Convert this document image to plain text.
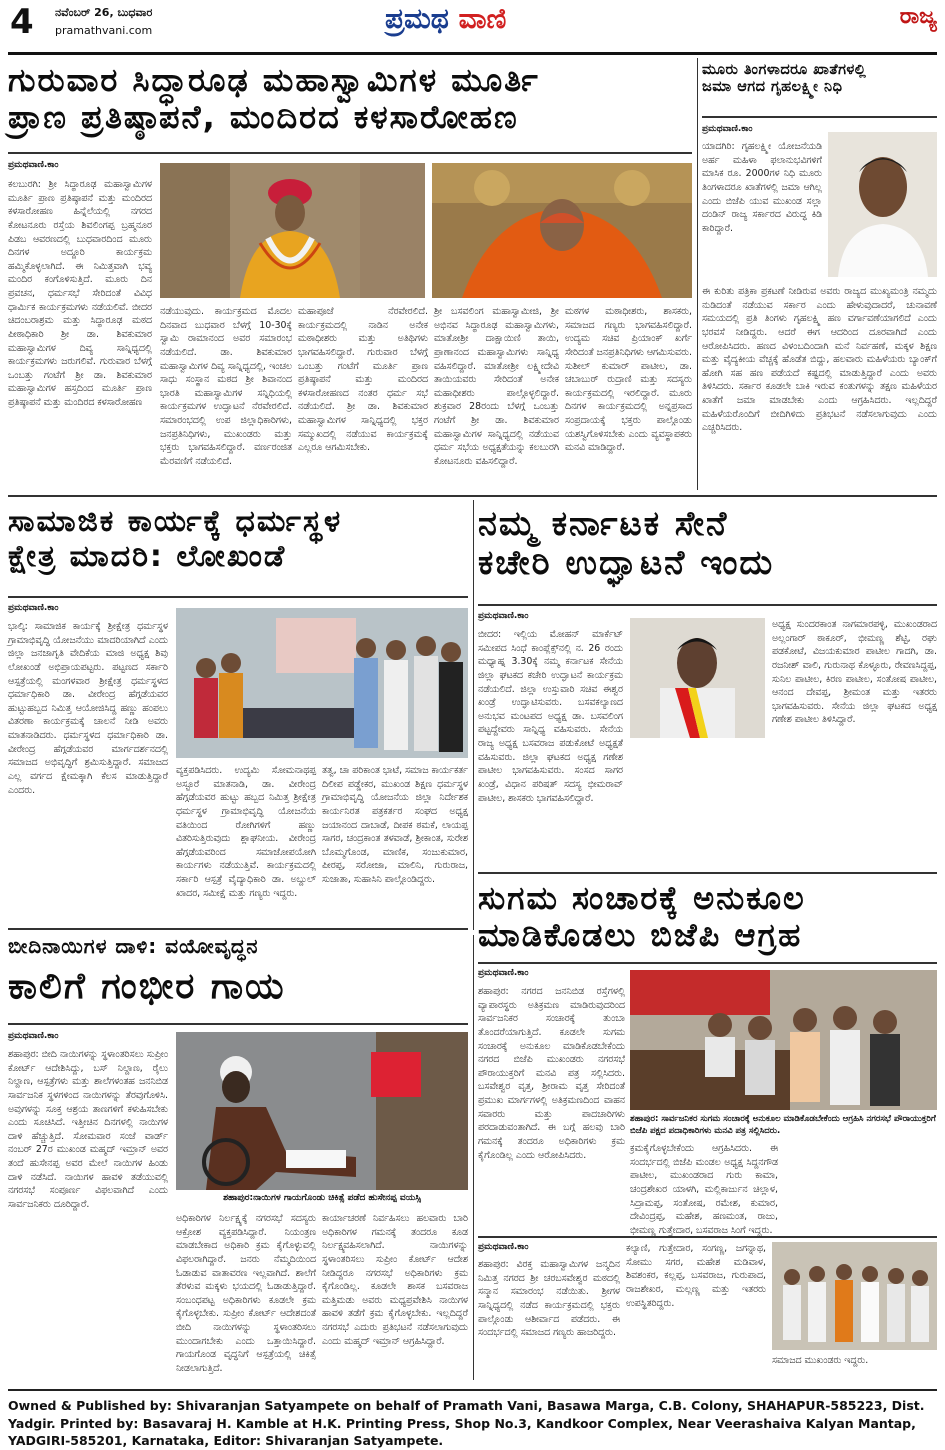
4 ನವೆಂಬರ್ 26, ಬುಧವಾರ
pramathvani.com	ಪ್ರಮಥ ವಾಣಿ	ರಾಜ್ಯ
ಗುರುವಾರ ಸಿದ್ಧಾರೂಢ ಮಹಾಸ್ವಾಮಿಗಳ ಮೂರ್ತಿ
ಪ್ರಾಣ ಪ್ರತಿಷ್ಠಾಪನೆ, ಮಂದಿರದ ಕಳಸಾರೋಹಣ
ಪ್ರಮಥವಾಣಿ.ಕಾಂ
ಕಲಬುರಗಿ: ಶ್ರೀ ಸಿದ್ಧಾರೂಢ ಮಹಾಸ್ವಾಮಿಗಳ ಮೂರ್ತಿ ಪ್ರಾಣ ಪ್ರತಿಷ್ಠಾಪನೆ ಮತ್ತು ಮಂದಿರದ ಕಳಸಾರೋಹಣ ಹಿನ್ನೆಲೆಯಲ್ಲಿ ನಗರದ ಕೋಟನೂರು ರಸ್ತೆಯ ಶಿವಲಿಂಗಪ್ಪ ಬ್ರಹ್ಮನೂರ ಪಿಡಬ ಆವರಣದಲ್ಲಿ ಬುಧವಾರದಿಂದ ಮೂರು ದಿನಗಳ ಅದ್ದೂರಿ ಕಾರ್ಯಕ್ರಮ ಹಮ್ಮಿಕೊಳ್ಳಲಾಗಿದೆ. ಈ ನಿಮಿತ್ತವಾಗಿ ಭವ್ಯ ಮಂದಿರ ಕಂಗೊಳಿಸುತ್ತಿದೆ. ಮೂರು ದಿನ ಪ್ರವಚನ, ಧರ್ಮಸಭೆ ಸೇರಿದಂತೆ ವಿವಿಧ ಧಾರ್ಮಿಕ ಕಾರ್ಯಕ್ರಮಗಳು ನಡೆಯಲಿವೆ. ಬೀದರ ಚಿದಂಬರಾಶ್ರಮ ಮತ್ತು ಸಿದ್ಧಾರೂಢ ಮಠದ ಪೀಠಾಧಿಕಾರಿ ಶ್ರೀ ಡಾ. ಶಿವಕುಮಾರ ಮಹಾಸ್ವಾಮಿಗಳ ದಿವ್ಯ ಸಾನ್ನಿಧ್ಯದಲ್ಲಿ ಕಾರ್ಯಕ್ರಮಗಳು ಜರುಗಲಿವೆ. ಗುರುವಾರ ಬೆಳಗ್ಗೆ ಒಂಬತ್ತು ಗಂಟೆಗೆ ಶ್ರೀ ಡಾ. ಶಿವಕುಮಾರ ಮಹಾಸ್ವಾಮಿಗಳ ಹಸ್ತದಿಂದ ಮೂರ್ತಿ ಪ್ರಾಣ ಪ್ರತಿಷ್ಠಾಪನೆ ಮತ್ತು ಮಂದಿರದ ಕಳಸಾರೋಹಣ
ನಡೆಯುವುದು. ಕಾರ್ಯಕ್ರಮದ ಮೊದಲ ದಿನವಾದ ಬುಧವಾರ ಬೆಳಗ್ಗೆ 10-30ಕ್ಕೆ ಸ್ವಾಮಿ ರಾಮಾನಂದ ಅವರ ಸಮಾರಂಭ ನಡೆಯಲಿದೆ. ಡಾ. ಶಿವಕುಮಾರ ಮಹಾಸ್ವಾಮಿಗಳ ದಿವ್ಯ ಸಾನ್ನಿಧ್ಯದಲ್ಲಿ, ಇಂಚಲ ಸಾಧು ಸಂಸ್ಥಾನ ಮಠದ ಶ್ರೀ ಶಿವಾನಂದ ಭಾರತಿ ಮಹಾಸ್ವಾಮಿಗಳ ಸನ್ನಿಧಿಯಲ್ಲಿ ಕಾರ್ಯಕ್ರಮಗಳ ಉದ್ಘಾಟನೆ ನೆರವೇರಲಿದೆ. ಸಮಾರಂಭದಲ್ಲಿ ಉಪ ಜಿಲ್ಲಾಧಿಕಾರಿಗಳು, ಜನಪ್ರತಿನಿಧಿಗಳು, ಮುಖಂಡರು ಮತ್ತು ಭಕ್ತರು ಭಾಗವಹಿಸಲಿದ್ದಾರೆ. ವರ್ಣರಂಜಿತ ಮೆರವಣಿಗೆ ನಡೆಯಲಿದೆ.
ಮಹಾಪೂಜೆ ನೆರವೇರಲಿದೆ. ಕಾರ್ಯಕ್ರಮದಲ್ಲಿ ನಾಡಿನ ಅನೇಕ ಮಠಾಧೀಶರು ಮತ್ತು ಅತಿಥಿಗಳು ಭಾಗವಹಿಸಲಿದ್ದಾರೆ. ಗುರುವಾರ ಬೆಳಗ್ಗೆ ಒಂಬತ್ತು ಗಂಟೆಗೆ ಮೂರ್ತಿ ಪ್ರಾಣ ಪ್ರತಿಷ್ಠಾಪನೆ ಮತ್ತು ಮಂದಿರದ ಕಳಸಾರೋಹಣದ ನಂತರ ಧರ್ಮ ಸಭೆ ನಡೆಯಲಿದೆ. ಶ್ರೀ ಡಾ. ಶಿವಕುಮಾರ ಮಹಾಸ್ವಾಮಿಗಳ ಸಾನ್ನಿಧ್ಯದಲ್ಲಿ ಭಕ್ತರ ಸಮ್ಮುಖದಲ್ಲಿ ನಡೆಯುವ ಕಾರ್ಯಕ್ರಮಕ್ಕೆ ಎಲ್ಲರೂ ಆಗಮಿಸಬೇಕು.
ಶ್ರೀ ಬಸವಲಿಂಗ ಮಹಾಸ್ವಾಮೀಜಿ, ಶ್ರೀ ಅಭಿನವ ಸಿದ್ಧಾರೂಢ ಮಹಾಸ್ವಾಮಿಗಳು, ಮಾತೋಶ್ರೀ ದಾಕ್ಷಾಯಿಣಿ ತಾಯಿ, ಪ್ರಾಣಾನಂದ ಮಹಾಸ್ವಾಮಿಗಳು ಸಾನ್ನಿಧ್ಯ ವಹಿಸಲಿದ್ದಾರೆ. ಮಾತೋಶ್ರೀ ಲಕ್ಷ್ಮೀದೇವಿ ತಾಯಿಯವರು ಸೇರಿದಂತೆ ಅನೇಕ ಮಹಾಧೀಶರು ಪಾಲ್ಗೊಳ್ಳಲಿದ್ದಾರೆ. ಶುಕ್ರವಾರ 28ರಂದು ಬೆಳಗ್ಗೆ ಒಂಬತ್ತು ಗಂಟೆಗೆ ಶ್ರೀ ಡಾ. ಶಿವಕುಮಾರ ಮಹಾಸ್ವಾಮಿಗಳ ಸಾನ್ನಿಧ್ಯದಲ್ಲಿ ನಡೆಯುವ ಧರ್ಮ ಸಭೆಯ ಅಧ್ಯಕ್ಷತೆಯನ್ನು ಕಲಬುರಗಿ ಕೋಟನೂರು ವಹಿಸಲಿದ್ದಾರೆ.
ಮಠಗಳ ಮಠಾಧೀಶರು, ಶಾಸಕರು, ಸಮಾಜದ ಗಣ್ಯರು ಭಾಗವಹಿಸಲಿದ್ದಾರೆ. ಉದ್ಯಮ ಸಚಿವ ಪ್ರಿಯಾಂಕ್ ಖರ್ಗೆ ಸೇರಿದಂತೆ ಜನಪ್ರತಿನಿಧಿಗಳು ಆಗಮಿಸುವರು. ಸುಶೀಲ್ ಕುಮಾರ್ ಪಾಟೀಲ, ಡಾ. ಚಬಾಬುರ್ ರುದ್ರಾಣಿ ಮತ್ತು ಸದಸ್ಯರು ಕಾರ್ಯಕ್ರಮದಲ್ಲಿ ಇರಲಿದ್ದಾರೆ. ಮೂರು ದಿನಗಳ ಕಾರ್ಯಕ್ರಮದಲ್ಲಿ ಅನ್ನಪ್ರಸಾದ ಸಂಪ್ರದಾಯಕ್ಕೆ ಭಕ್ತರು ಪಾಲ್ಗೊಂಡು ಯಶಸ್ವಿಗೊಳಿಸಬೇಕು ಎಂದು ವ್ಯವಸ್ಥಾಪಕರು ಮನವಿ ಮಾಡಿದ್ದಾರೆ.
ಮೂರು ತಿಂಗಳಾದರೂ ಖಾತೆಗಳಲ್ಲಿ
ಜಮಾ ಆಗದ ಗೃಹಲಕ್ಷ್ಮೀ ನಿಧಿ
ಪ್ರಮಥವಾಣಿ.ಕಾಂ
ಯಾದಗಿರಿ: ಗೃಹಲಕ್ಷ್ಮೀ ಯೋಜನೆಯಡಿ ಅರ್ಹ ಮಹಿಳಾ ಫಲಾನುಭವಿಗಳಿಗೆ ಮಾಸಿಕ ರೂ. 2000ಗಳ ನಿಧಿ ಮೂರು ತಿಂಗಳಾದರೂ ಖಾತೆಗಳಲ್ಲಿ ಜಮಾ ಆಗಿಲ್ಲ ಎಂದು ಬಿಜೆಪಿ ಯುವ ಮುಖಂಡ ಸಲ್ಲಾ ದಂಡಿನ್ ರಾಜ್ಯ ಸರ್ಕಾರದ ವಿರುದ್ಧ ಕಿಡಿ ಕಾರಿದ್ದಾರೆ.
ಈ ಕುರಿತು ಪತ್ರಿಕಾ ಪ್ರಕಟಣೆ ನೀಡಿರುವ ಅವರು ರಾಜ್ಯದ ಮುಖ್ಯಮಂತ್ರಿ ನಮ್ಮದು ನುಡಿದಂತೆ ನಡೆಯುವ ಸರ್ಕಾರ ಎಂದು ಹೇಳುವುದಾದರೆ, ಚುನಾವಣೆ ಸಮಯದಲ್ಲಿ ಪ್ರತಿ ತಿಂಗಳು ಗೃಹಲಕ್ಷ್ಮಿ ಹಣ ವರ್ಗಾವಣೆಯಾಗಲಿದೆ ಎಂದು ಭರವಸೆ ನೀಡಿದ್ದರು. ಆದರೆ ಈಗ ಆದರಿಂದ ದೂರವಾಗಿದೆ ಎಂದು ಆರೋಪಿಸಿದರು. ಹಣದ ವಿಳಂಬದಿಂದಾಗಿ ಮನೆ ನಿರ್ವಹಣೆ, ಮಕ್ಕಳ ಶಿಕ್ಷಣ ಮತ್ತು ವೈದ್ಯಕೀಯ ವೆಚ್ಚಕ್ಕೆ ಹೊಡೆತ ಬಿದ್ದು, ಹಲವಾರು ಮಹಿಳೆಯರು ಬ್ಯಾಂಕ್‌ಗೆ ಹೋಗಿ ಸಹ ಹಣ ಪಡೆಯದೆ ಕಷ್ಟದಲ್ಲಿ ಮಾಡುತ್ತಿದ್ದಾರೆ ಎಂದು ಅವರು ತಿಳಿಸಿದರು. ಸರ್ಕಾರ ಕೂಡಲೇ ಬಾಕಿ ಇರುವ ಕಂತುಗಳನ್ನು ತಕ್ಷಣ ಮಹಿಳೆಯರ ಖಾತೆಗೆ ಜಮಾ ಮಾಡಬೇಕು ಎಂದು ಆಗ್ರಹಿಸಿದರು. ಇಲ್ಲದಿದ್ದರೆ ಮಹಿಳೆಯರೊಂದಿಗೆ ಬೀದಿಗಿಳಿದು ಪ್ರತಿಭಟನೆ ನಡೆಸಲಾಗುವುದು ಎಂದು ಎಚ್ಚರಿಸಿದರು.
ಸಾಮಾಜಿಕ ಕಾರ್ಯಕ್ಕೆ ಧರ್ಮಸ್ಥಳ
ಕ್ಷೇತ್ರ ಮಾದರಿ: ಲೋಖಂಡೆ
ಪ್ರಮಥವಾಣಿ.ಕಾಂ
ಭಾಲ್ಕಿ: ಸಾಮಾಜಿಕ ಕಾರ್ಯಕ್ಕೆ ಶ್ರೀಕ್ಷೇತ್ರ ಧರ್ಮಸ್ಥಳ ಗ್ರಾಮಾಭಿವೃದ್ಧಿ ಯೋಜನೆಯು ಮಾದರಿಯಾಗಿದೆ ಎಂದು ಜಿಲ್ಲಾ ಜನಜಾಗೃತಿ ವೇದಿಕೆಯ ಮಾಜಿ ಅಧ್ಯಕ್ಷ ಶಿವು ಲೋಖಂಡೆ ಅಭಿಪ್ರಾಯಪಟ್ಟರು. ಪಟ್ಟಣದ ಸರ್ಕಾರಿ ಆಸ್ಪತ್ರೆಯಲ್ಲಿ ಮಂಗಳವಾರ ಶ್ರೀಕ್ಷೇತ್ರ ಧರ್ಮಸ್ಥಳದ ಧರ್ಮಾಧಿಕಾರಿ ಡಾ. ವೀರೇಂದ್ರ ಹೆಗ್ಗಡೆಯವರ ಹುಟ್ಟುಹಬ್ಬದ ನಿಮಿತ್ತ ಆಯೋಜಿಸಿದ್ದ ಹಣ್ಣು ಹಂಪಲು ವಿತರಣಾ ಕಾರ್ಯಕ್ರಮಕ್ಕೆ ಚಾಲನೆ ನೀಡಿ ಅವರು ಮಾತನಾಡಿದರು. ಧರ್ಮಸ್ಥಳದ ಧರ್ಮಾಧಿಕಾರಿ ಡಾ. ವೀರೇಂದ್ರ ಹೆಗ್ಗಡೆಯವರ ಮಾರ್ಗದರ್ಶನದಲ್ಲಿ ಸಮಾಜದ ಅಭಿವೃದ್ಧಿಗೆ ಶ್ರಮಿಸುತ್ತಿದ್ದಾರೆ. ಸಮಾಜದ ಎಲ್ಲ ವರ್ಗದ ಕ್ಷೇಮಕ್ಕಾಗಿ ಕೆಲಸ ಮಾಡುತ್ತಿದ್ದಾರೆ ಎಂದರು.
ವ್ಯಕ್ತಪಡಿಸಿದರು. ಉದ್ಯಮಿ ಸೋಮನಾಥಪ್ಪ ಅಸ್ಟೂರೆ ಮಾತನಾಡಿ, ಡಾ. ವೀರೇಂದ್ರ ಹೆಗ್ಗಡೆಯವರ ಹುಟ್ಟು ಹಬ್ಬದ ನಿಮಿತ್ತ ಶ್ರೀಕ್ಷೇತ್ರ ಧರ್ಮಸ್ಥಳ ಗ್ರಾಮಾಭಿವೃದ್ಧಿ ಯೋಜನೆಯ ವತಿಯಿಂದ ರೋಗಿಗಳಿಗೆ ಹಣ್ಣು ವಿತರಿಸುತ್ತಿರುವುದು ಶ್ಲಾಘನೀಯ. ವೀರೇಂದ್ರ ಹೆಗ್ಗಡೆಯವರಿಂದ ಸಮಾಜೋಪಯೋಗಿ ಕಾರ್ಯಗಳು ನಡೆಯುತ್ತಿವೆ. ಕಾರ್ಯಕ್ರಮದಲ್ಲಿ ಸರ್ಕಾರಿ ಆಸ್ಪತ್ರೆ ವೈದ್ಯಾಧಿಕಾರಿ ಡಾ. ಅಬ್ದುಲ್ ಖಾದರ, ಸಮೀಕ್ಷೆ ಮತ್ತು ಗಣ್ಯರು ಇದ್ದರು.
ತತ್ವ, ಚಾ ಪರಿಕಾಂತ ಭಾಟೆ, ಸಮಾಜ ಕಾರ್ಯಕರ್ತ ದಿಲೀಪ ಪಡ್ಡೇಕರ, ಮುಖಂಡ ಶಿಕ್ಷಣ ಧರ್ಮಸ್ಥಳ ಗ್ರಾಮಾಭಿವೃದ್ಧಿ ಯೋಜನೆಯ ಜಿಲ್ಲಾ ನಿರ್ದೇಶಕ ಕಾರ್ಯನಿರತ ಪತ್ರಕರ್ತರ ಸಂಘದ ಅಧ್ಯಕ್ಷ ಜಯಾನಂದ ದಾಬಾಡೆ, ದೀಪಕ ಠಮಕೆ, ಲಾಯಪ್ಪ ಸಾಗರ, ಚಂದ್ರಕಾಂತ ತಳವಾಡೆ, ಶ್ರೀಕಾಂತ, ಸುರೇಶ ಬೊಮ್ಮಗೊಂಡ, ಮಾಣಿಕ, ಸಂಜುಕುಮಾರ, ಪೀರಪ್ಪ, ಸರೋಜಾ, ಮಾಲಿನಿ, ಗುರುರಾಜ, ಸುಜಾತಾ, ಸುಹಾಸಿನಿ ಪಾಲ್ಗೊಂಡಿದ್ದರು.
ನಮ್ಮ ಕರ್ನಾಟಕ ಸೇನೆ
ಕಚೇರಿ ಉದ್ಘಾಟನೆ ಇಂದು
ಪ್ರಮಥವಾಣಿ.ಕಾಂ
ಬೀದರ: ಇಲ್ಲಿಯ ಮೋಹನ್ ಮಾರ್ಕೆಟ್ ಸಮೀಪದ ಸಿಂಧೆ ಕಾಂಪ್ಲೆಕ್ಸ್‌ನಲ್ಲಿ ನ. 26 ರಂದು ಮಧ್ಯಾಹ್ನ 3.30ಕ್ಕೆ ನಮ್ಮ ಕರ್ನಾಟಕ ಸೇನೆಯ ಜಿಲ್ಲಾ ಘಟಕದ ಕಚೇರಿ ಉದ್ಘಾಟನೆ ಕಾರ್ಯಕ್ರಮ ನಡೆಯಲಿದೆ. ಜಿಲ್ಲಾ ಉಸ್ತುವಾರಿ ಸಚಿವ ಈಶ್ವರ ಖಂಡ್ರೆ ಉದ್ಘಾಟಿಸುವರು. ಬಸವಕಲ್ಯಾಣದ ಅನುಭವ ಮಂಟಪದ ಅಧ್ಯಕ್ಷ ಡಾ. ಬಸವಲಿಂಗ ಪಟ್ಟದ್ದೇವರು ಸಾನ್ನಿಧ್ಯ ವಹಿಸುವರು. ಸೇನೆಯ ರಾಜ್ಯ ಅಧ್ಯಕ್ಷ ಬಸವರಾಜ ಪಡುಕೋಟೆ ಅಧ್ಯಕ್ಷತೆ ವಹಿಸುವರು. ಜಿಲ್ಲಾ ಘಟಕದ ಅಧ್ಯಕ್ಷ ಗಣೇಶ ಪಾಟೀಲ ಭಾಗವಹಿಸುವರು. ಸಂಸದ ಸಾಗರ ಖಂಡ್ರೆ, ವಿಧಾನ ಪರಿಷತ್ ಸದಸ್ಯ ಭೀಮರಾವ್ ಪಾಟೀಲ, ಶಾಸಕರು ಭಾಗವಹಿಸಲಿದ್ದಾರೆ.
ಅಧ್ಯಕ್ಷ ಸುಂದರಕಾಂತ ನಾಗಮಾರಪಳ್ಳಿ, ಮುಖಂಡರಾದ ಅಲ್ಲಂಗಾರ್ ಠಾಕೂರ್, ಭೀಮಣ್ಣ ಶೆಟ್ಟಿ, ರಘು ಪಡಕೋಟೆ, ವಿಜಯಕುಮಾರ ಪಾಟೀಲ ಗಾದಗಿ, ಡಾ. ರಜನೀಶ್ ವಾಲಿ, ಗುರುನಾಥ ಕೊಳ್ಳೂರು, ರೇವಣಸಿದ್ದಪ್ಪ, ಸುನಿಲ ಪಾಟೀಲ, ಕಿರಣ ಪಾಟೀಲ, ಸಂತೋಷ ಪಾಟೀಲ, ಆನಂದ ದೇವಪ್ಪ, ಶ್ರೀಮಂತ ಮತ್ತು ಇತರರು ಭಾಗವಹಿಸುವರು. ಸೇನೆಯ ಜಿಲ್ಲಾ ಘಟಕದ ಅಧ್ಯಕ್ಷ ಗಣೇಶ ಪಾಟೀಲ ತಿಳಿಸಿದ್ದಾರೆ.
ಬೀದಿನಾಯಿಗಳ ದಾಳಿ: ವಯೋವೃದ್ಧನ
ಕಾಲಿಗೆ ಗಂಭೀರ ಗಾಯ
ಪ್ರಮಥವಾಣಿ.ಕಾಂ
ಶಹಾಪುರ: ಬೀದಿ ನಾಯಿಗಳನ್ನು ಸ್ಥಳಾಂತರಿಸಲು ಸುಪ್ರೀಂ ಕೋರ್ಟ್ ಆದೇಶಿಸಿದ್ದು, ಬಸ್ ನಿಲ್ದಾಣ, ರೈಲು ನಿಲ್ದಾಣ, ಆಸ್ಪತ್ರೆಗಳು ಮತ್ತು ಶಾಲೆಗಳಂತಹ ಜನನಿಬಿಡ ಸಾರ್ವಜನಿಕ ಸ್ಥಳಗಳಿಂದ ನಾಯಿಗಳನ್ನು ತೆರವುಗೊಳಿಸಿ. ಅವುಗಳನ್ನು ಸೂಕ್ತ ಆಶ್ರಯ ತಾಣಗಳಿಗೆ ಕಳುಹಿಸಬೇಕು ಎಂದು ಸೂಚಿಸಿದೆ. ಇತ್ತೀಚಿನ ದಿನಗಳಲ್ಲಿ ನಾಯಿಗಳ ದಾಳಿ ಹೆಚ್ಚುತ್ತಿದೆ. ಸೋಮವಾರ ಸಂಜೆ ವಾರ್ಡ್ ನಂಬರ್ 27ರ ಮುಖಂಡ ಮಹ್ಮದ್ ಇಮ್ರಾನ್ ಅವರ ತಂದೆ ಹುಸೇನಪ್ಪ ಅವರ ಮೇಲೆ ನಾಯಿಗಳ ಹಿಂಡು ದಾಳಿ ನಡೆಸಿದೆ. ನಾಯಿಗಳ ಹಾವಳಿ ತಡೆಯುವಲ್ಲಿ ನಗರಸಭೆ ಸಂಪೂರ್ಣ ವಿಫಲವಾಗಿದೆ ಎಂದು ಸಾರ್ವಜನಿಕರು ದೂರಿದ್ದಾರೆ.
ಶಹಾಪುರ:ನಾಯಿಗಳ ಗಾಯಗೊಂಡು ಚಿಕಿತ್ಸೆ ಪಡೆದ ಹುಸೇನಪ್ಪ ವಯಸ್ಸಿ
ಅಧಿಕಾರಿಗಳ ನಿರ್ಲಕ್ಷ್ಯಕ್ಕೆ ನಗರಸಭೆ ಸದಸ್ಯರು ಆಕ್ರೋಶ ವ್ಯಕ್ತಪಡಿಸಿದ್ದಾರೆ. ನಿಯಂತ್ರಣ ಮಾಡಬೇಕಾದ ಅಧಿಕಾರಿ ಕ್ರಮ ಕೈಗೊಳ್ಳುವಲ್ಲಿ ವಿಫಲರಾಗಿದ್ದಾರೆ. ಜನರು ನೆಮ್ಮದಿಯಿಂದ ಓಡಾಡುವ ವಾತಾವರಣ ಇಲ್ಲವಾಗಿದೆ. ಶಾಲೆಗೆ ತೆರಳುವ ಮಕ್ಕಳು ಭಯದಲ್ಲಿ ಓಡಾಡುತ್ತಿದ್ದಾರೆ. ಸಂಬಂಧಪಟ್ಟ ಅಧಿಕಾರಿಗಳು ಕೂಡಲೇ ಕ್ರಮ ಕೈಗೊಳ್ಳಬೇಕು. ಸುಪ್ರೀಂ ಕೋರ್ಟ್ ಆದೇಶದಂತೆ ಬೀದಿ ನಾಯಿಗಳನ್ನು ಸ್ಥಳಾಂತರಿಸಲು ಮುಂದಾಗಬೇಕು ಎಂದು ಒತ್ತಾಯಿಸಿದ್ದಾರೆ. ಗಾಯಗೊಂಡ ವೃದ್ಧನಿಗೆ ಆಸ್ಪತ್ರೆಯಲ್ಲಿ ಚಿಕಿತ್ಸೆ ನೀಡಲಾಗುತ್ತಿದೆ.
ಕಾರ್ಯಾಚರಣೆ ನಿರ್ವಹಿಸಲು ಹಲವಾರು ಬಾರಿ ಅಧಿಕಾರಿಗಳ ಗಮನಕ್ಕೆ ತಂದರೂ ಕೂಡ ನಿರ್ಲಕ್ಷ್ಯವಹಿಸಲಾಗಿದೆ. ನಾಯಿಗಳನ್ನು ಸ್ಥಳಾಂತರಿಸಲು ಸುಪ್ರೀಂ ಕೋರ್ಟ್ ಆದೇಶ ನೀಡಿದ್ದರೂ ನಗರಸಭೆ ಅಧಿಕಾರಿಗಳು ಕ್ರಮ ಕೈಗೊಂಡಿಲ್ಲ. ಕೂಡಲೇ ಶಾಸಕ ಬಸವರಾಜ ಮತ್ತಿಮಡು ಅವರು ಮಧ್ಯಪ್ರವೇಶಿಸಿ ನಾಯಿಗಳ ಹಾವಳಿ ತಡೆಗೆ ಕ್ರಮ ಕೈಗೊಳ್ಳಬೇಕು. ಇಲ್ಲದಿದ್ದರೆ ನಗರಸಭೆ ಎದುರು ಪ್ರತಿಭಟನೆ ನಡೆಸಲಾಗುವುದು ಎಂದು ಮಹ್ಮದ್ ಇಮ್ರಾನ್ ಆಗ್ರಹಿಸಿದ್ದಾರೆ.
ಸುಗಮ ಸಂಚಾರಕ್ಕೆ ಅನುಕೂಲ
ಮಾಡಿಕೊಡಲು ಬಿಜೆಪಿ ಆಗ್ರಹ
ಪ್ರಮಥವಾಣಿ.ಕಾಂ
ಶಹಾಪುರ: ನಗರದ ಜನನಿಬಿಡ ರಸ್ತೆಗಳಲ್ಲಿ ವ್ಯಾಪಾರಸ್ಥರು ಅತಿಕ್ರಮಣ ಮಾಡಿರುವುದರಿಂದ ಸಾರ್ವಜನಿಕರ ಸಂಚಾರಕ್ಕೆ ತುಂಬಾ ತೊಂದರೆಯಾಗುತ್ತಿದೆ. ಕೂಡಲೇ ಸುಗಮ ಸಂಚಾರಕ್ಕೆ ಅನುಕೂಲ ಮಾಡಿಕೊಡಬೇಕೆಂದು ನಗರದ ಬಿಜೆಪಿ ಮುಖಂಡರು ನಗರಸಭೆ ಪೌರಾಯುಕ್ತರಿಗೆ ಮನವಿ ಪತ್ರ ಸಲ್ಲಿಸಿದರು. ಬಸವೇಶ್ವರ ವೃತ್ತ, ಶ್ರೀರಾಮ ವೃತ್ತ ಸೇರಿದಂತೆ ಪ್ರಮುಖ ಮಾರ್ಗಗಳಲ್ಲಿ ಅತಿಕ್ರಮಣದಿಂದ ವಾಹನ ಸವಾರರು ಮತ್ತು ಪಾದಚಾರಿಗಳು ಪರದಾಡುವಂತಾಗಿದೆ. ಈ ಬಗ್ಗೆ ಹಲವು ಬಾರಿ ಗಮನಕ್ಕೆ ತಂದರೂ ಅಧಿಕಾರಿಗಳು ಕ್ರಮ ಕೈಗೊಂಡಿಲ್ಲ ಎಂದು ಆರೋಪಿಸಿದರು.
ಶಹಾಪುರ: ಸಾರ್ವಜನಿಕರ ಸುಗಮ ಸಂಚಾರಕ್ಕೆ ಅನುಕೂಲ ಮಾಡಿಕೊಡಬೇಕೆಂದು ಆಗ್ರಹಿಸಿ ನಗರಸಭೆ ಪೌರಾಯುಕ್ತರಿಗೆ ಬಿಜೆಪಿ ಪಕ್ಷದ ಪದಾಧಿಕಾರಿಗಳು ಮನವಿ ಪತ್ರ ಸಲ್ಲಿಸಿದರು.
ಕ್ರಮಕೈಗೊಳ್ಳಬೇಕೆಂದು ಆಗ್ರಹಿಸಿದರು. ಈ ಸಂದರ್ಭದಲ್ಲಿ ಬಿಜೆಪಿ ಮಂಡಲ ಅಧ್ಯಕ್ಷ ಸಿದ್ದನಗೌಡ ಪಾಟೀಲ, ಮುಖಂಡರಾದ ಗುರು ಕಾಮಾ, ಚಂದ್ರಶೇಖರ ಯಾಳಗಿ, ಮಲ್ಲಿಕಾರ್ಜುನ ಚಿಲ್ಲಾಳ, ಸಿದ್ರಾಮಪ್ಪ, ಸಂತೋಷ, ರಮೇಶ, ಕುಮಾರ, ದೇವಿಂದ್ರಪ್ಪ, ಮಹೇಶ, ಹಣಮಂತ, ರಾಜು, ಭೀಮಣ್ಣ ಗುತ್ತೇದಾರ, ಬಸವರಾಜ ಸಿಂಗೆ ಇದ್ದರು.
ಪ್ರಮಥವಾಣಿ.ಕಾಂ
ಶಹಾಪುರ: ವಿರಕ್ತ ಮಹಾಸ್ವಾಮಿಗಳ ಜನ್ಮದಿನ ನಿಮಿತ್ತ ನಗರದ ಶ್ರೀ ಚರಬಸವೇಶ್ವರ ಮಠದಲ್ಲಿ ಸನ್ಮಾನ ಸಮಾರಂಭ ನಡೆಯಿತು. ಶ್ರೀಗಳ ಸಾನ್ನಿಧ್ಯದಲ್ಲಿ ನಡೆದ ಕಾರ್ಯಕ್ರಮದಲ್ಲಿ ಭಕ್ತರು ಪಾಲ್ಗೊಂಡು ಆಶೀರ್ವಾದ ಪಡೆದರು. ಈ ಸಂದರ್ಭದಲ್ಲಿ ಸಮಾಜದ ಗಣ್ಯರು ಹಾಜರಿದ್ದರು.
ಕಲ್ಯಾಣಿ, ಗುತ್ತೇದಾರ, ಸಂಗಣ್ಣ, ಜಗನ್ನಾಥ, ಸೋಮು ಸಗರ, ಮಹೇಶ ಮಡಿವಾಳ, ಶಿವಶಂಕರ, ಕಲ್ಲಪ್ಪ, ಬಸವರಾಜ, ಗುರುಪಾದ, ರಾಜಶೇಖರ, ಮಲ್ಲಣ್ಣ ಮತ್ತು ಇತರರು ಉಪಸ್ಥಿತರಿದ್ದರು.
ಸಮಾಜದ ಮುಖಂಡರು ಇದ್ದರು.
Owned & Published by: Shivaranjan Satyampete on behalf of Pramath Vani, Basawa Marga, C.B. Colony, SHAHAPUR-585223, Dist. Yadgir. Printed by: Basavaraj H. Kamble at H.K. Printing Press, Shop No.3, Kandkoor Complex, Near Veerashaiva Kalyan Mantap, YADGIRI-585201, Karnataka, Editor: Shivaranjan Satyampete.
